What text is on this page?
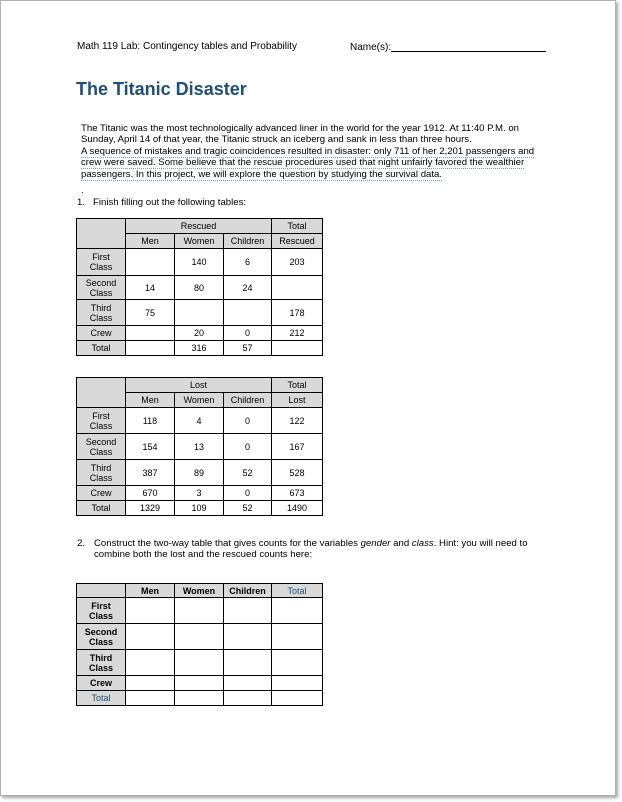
Math 119 Lab: Contingency tables and Probability	Name(s):
The Titanic Disaster
The Titanic was the most technologically advanced liner in the world for the year 1912. At 11:40 P.M. on Sunday, April 14 of that year, the Titanic struck an iceberg and sank in less than three hours.
A sequence of mistakes and tragic coincidences resulted in disaster: only 711 of her 2,201 passengers and crew were saved. Some believe that the rescue procedures used that night unfairly favored the wealthier passengers. In this project, we will explore the question by studying the survival data.
.
1. Finish filling out the following tables:
	Rescued			Total
	Men	Women	Children	Rescued
First
Class		140	6	203
Second
Class	14	80	24	
Third
Class	75			178
Crew		20	0	212
Total		316	57	
	Lost			Total
	Men	Women	Children	Lost
First
Class	118	4	0	122
Second
Class	154	13	0	167
Third
Class	387	89	52	528
Crew	670	3	0	673
Total	1329	109	52	1490
2. Construct the two-way table that gives counts for the variables gender and class. Hint: you will need to combine both the lost and the rescued counts here:
	Men	Women	Children	Total
First
Class				
Second
Class				
Third
Class				
Crew				
Total				
